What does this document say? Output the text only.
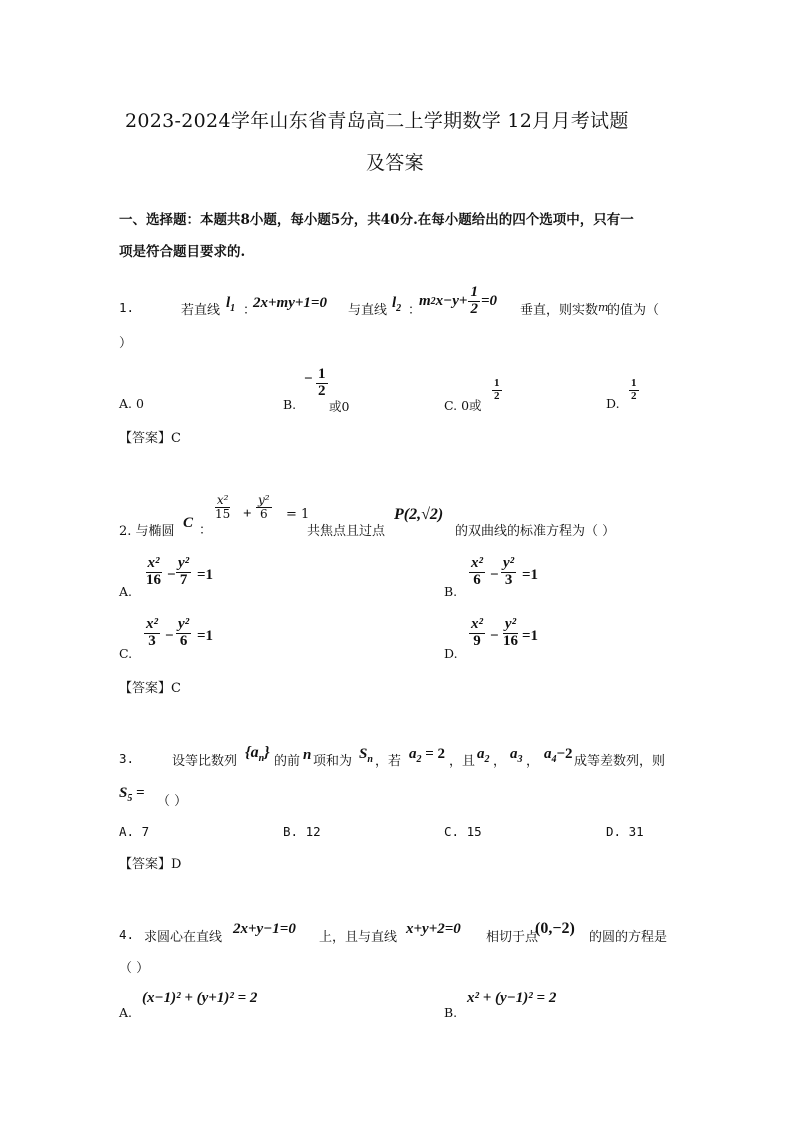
2023-2024学年山东省青岛高二上学期数学 12月月考试题
及答案
一、选择题：本题共8小题，每小题5分，共40分.在每小题给出的四个选项中，只有一
项是符合题目要求的.
1.	若直线 $l_1$ ：
2x+my+1=0 与直线 $l_2$ ：
m 2 $x-y+ \frac{1}{2} =0$
垂直，则实数 m
的值为（
）
A. 0	B.
− $\frac{1}{2}$
或0	C. 0或
$\frac{1}{2}$
D.
$\frac{1}{2}$
【答案】C
2. 与椭圆
C ：
$\frac{\text{x²}}{15} + \frac{\text{y²}}{6} = 1$
共焦点且过点
P(2,√2)
的双曲线的标准方程为（ ）
A.
$\frac{\text{x²}}{16} - \frac{\text{y²}}{7} =1$
B.
$\frac{\text{x²}}{6} - \frac{\text{y²}}{3} =1$
C.
$\frac{\text{x²}}{3} - \frac{\text{y²}}{6} =1$
D.
$\frac{\text{x²}}{9} - \frac{\text{y²}}{16} =1$
【答案】C
3.	设等比数列
$\{a_n\}$
的前 n 项和为 $S_n$ ，若 $a_2 = 2$ ，且 $a_2$ ， $a_3$ ， $a_4-2$ 成等差数列，则
$S_5$ =
（ ）
A. 7	B. 12	C. 15	D. 31
【答案】D
4. 求圆心在直线
2x+y−1=0
上，且与直线
x+y+2=0
相切于点
(0,−2)
的圆的方程是
（ ）
A.
(x−1)² + (y+1)² = 2
B.
x² + (y−1)² = 2
